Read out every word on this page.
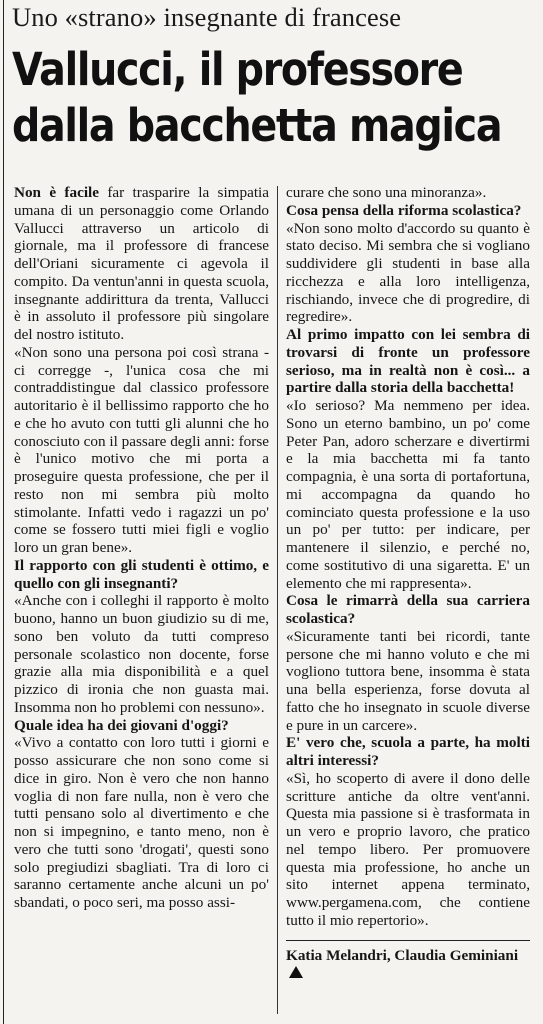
Uno «strano» insegnante di francese
Vallucci, il professore
dalla bacchetta magica

Non è facile far trasparire la simpatia umana di un personaggio come Orlando Vallucci attraverso un articolo di giornale, ma il professore di francese dell'Oriani sicuramente ci agevola il compito. Da ventun'anni in questa scuola, insegnante addirittura da trenta, Vallucci è in assoluto il professore più singolare del nostro istituto.

«Non sono una persona poi così strana - ci corregge -, l'unica cosa che mi contraddistingue dal classico professore autoritario è il bellissimo rapporto che ho e che ho avuto con tutti gli alunni che ho conosciuto con il passare degli anni: forse è l'unico motivo che mi porta a proseguire questa professione, che per il resto non mi sembra più molto stimolante. Infatti vedo i ragazzi un po' come se fossero tutti miei figli e voglio loro un gran bene».

Il rapporto con gli studenti è ottimo, e quello con gli insegnanti?

«Anche con i colleghi il rapporto è molto buono, hanno un buon giudizio su di me, sono ben voluto da tutti compreso personale scolastico non docente, forse grazie alla mia disponibilità e a quel pizzico di ironia che non guasta mai. Insomma non ho problemi con nessuno».

Quale idea ha dei giovani d'oggi?

«Vivo a contatto con loro tutti i giorni e posso assicurare che non sono come si dice in giro. Non è vero che non hanno voglia di non fare nulla, non è vero che tutti pensano solo al divertimento e che non si impegnino, e tanto meno, non è vero che tutti sono 'drogati', questi sono solo pregiudizi sbagliati. Tra di loro ci saranno certamente anche alcuni un po' sbandati, o poco seri, ma posso assi-

curare che sono una minoranza».

Cosa pensa della riforma scolastica?

«Non sono molto d'accordo su quanto è stato deciso. Mi sembra che si vogliano suddividere gli studenti in base alla ricchezza e alla loro intelligenza, rischiando, invece che di progredire, di regredire».

Al primo impatto con lei sembra di trovarsi di fronte un professore serioso, ma in realtà non è così... a partire dalla storia della bacchetta!

«Io serioso? Ma nemmeno per idea. Sono un eterno bambino, un po' come Peter Pan, adoro scherzare e divertirmi e la mia bacchetta mi fa tanto compagnia, è una sorta di portafortuna, mi accompagna da quando ho cominciato questa professione e la uso un po' per tutto: per indicare, per mantenere il silenzio, e perché no, come sostitutivo di una sigaretta. E' un elemento che mi rappresenta».

Cosa le rimarrà della sua carriera scolastica?

«Sicuramente tanti bei ricordi, tante persone che mi hanno voluto e che mi vogliono tuttora bene, insomma è stata una bella esperienza, forse dovuta al fatto che ho insegnato in scuole diverse e pure in un carcere».

E' vero che, scuola a parte, ha molti altri interessi?

«Sì, ho scoperto di avere il dono delle scritture antiche da oltre vent'anni. Questa mia passione si è trasformata in un vero e proprio lavoro, che pratico nel tempo libero. Per promuovere questa mia professione, ho anche un sito internet appena terminato, www.pergamena.com, che contiene tutto il mio repertorio».

Katia Melandri, Claudia Geminiani
